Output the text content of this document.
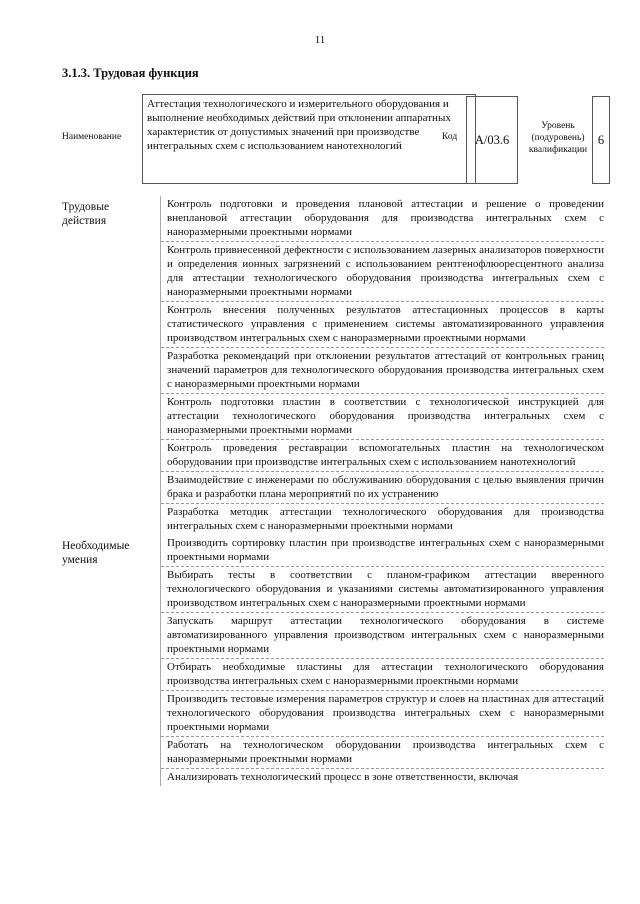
11
3.1.3. Трудовая функция
Наименование
Аттестация технологического и измерительного оборудования и выполнение необходимых действий при отклонении аппаратных характеристик от допустимых значений при производстве интегральных схем с использованием нанотехнологий
Код	A/03.6
Уровень (подуровень) квалификации
6
Трудовые действия
Контроль подготовки и проведения плановой аттестации и решение о проведении внеплановой аттестации оборудования для производства интегральных схем с наноразмерными проектными нормами
Контроль привнесенной дефектности с использованием лазерных анализаторов поверхности и определения ионных загрязнений с использованием рентгенофлюоресцентного анализа для аттестации технологического оборудования производства интегральных схем с наноразмерными проектными нормами
Контроль внесения полученных результатов аттестационных процессов в карты статистического управления с применением системы автоматизированного управления производством интегральных схем с наноразмерными проектными нормами
Разработка рекомендаций при отклонении результатов аттестаций от контрольных границ значений параметров для технологического оборудования производства интегральных схем с наноразмерными проектными нормами
Контроль подготовки пластин в соответствии с технологической инструкцией для аттестации технологического оборудования производства интегральных схем с наноразмерными проектными нормами
Контроль проведения реставрации вспомогательных пластин на технологическом оборудовании при производстве интегральных схем с использованием нанотехнологий
Взаимодействие с инженерами по обслуживанию оборудования с целью выявления причин брака и разработки плана мероприятий по их устранению
Разработка методик аттестации технологического оборудования для производства интегральных схем с наноразмерными проектными нормами
Необходимые умения
Производить сортировку пластин при производстве интегральных схем с наноразмерными проектными нормами
Выбирать тесты в соответствии с планом-графиком аттестации вверенного технологического оборудования и указаниями системы автоматизированного управления производством интегральных схем с наноразмерными проектными нормами
Запускать маршрут аттестации технологического оборудования в системе автоматизированного управления производством интегральных схем с наноразмерными проектными нормами
Отбирать необходимые пластины для аттестации технологического оборудования производства интегральных схем с наноразмерными проектными нормами
Производить тестовые измерения параметров структур и слоев на пластинах для аттестаций технологического оборудования производства интегральных схем с наноразмерными проектными нормами
Работать на технологическом оборудовании производства интегральных схем с наноразмерными проектными нормами
Анализировать технологический процесс в зоне ответственности, включая
